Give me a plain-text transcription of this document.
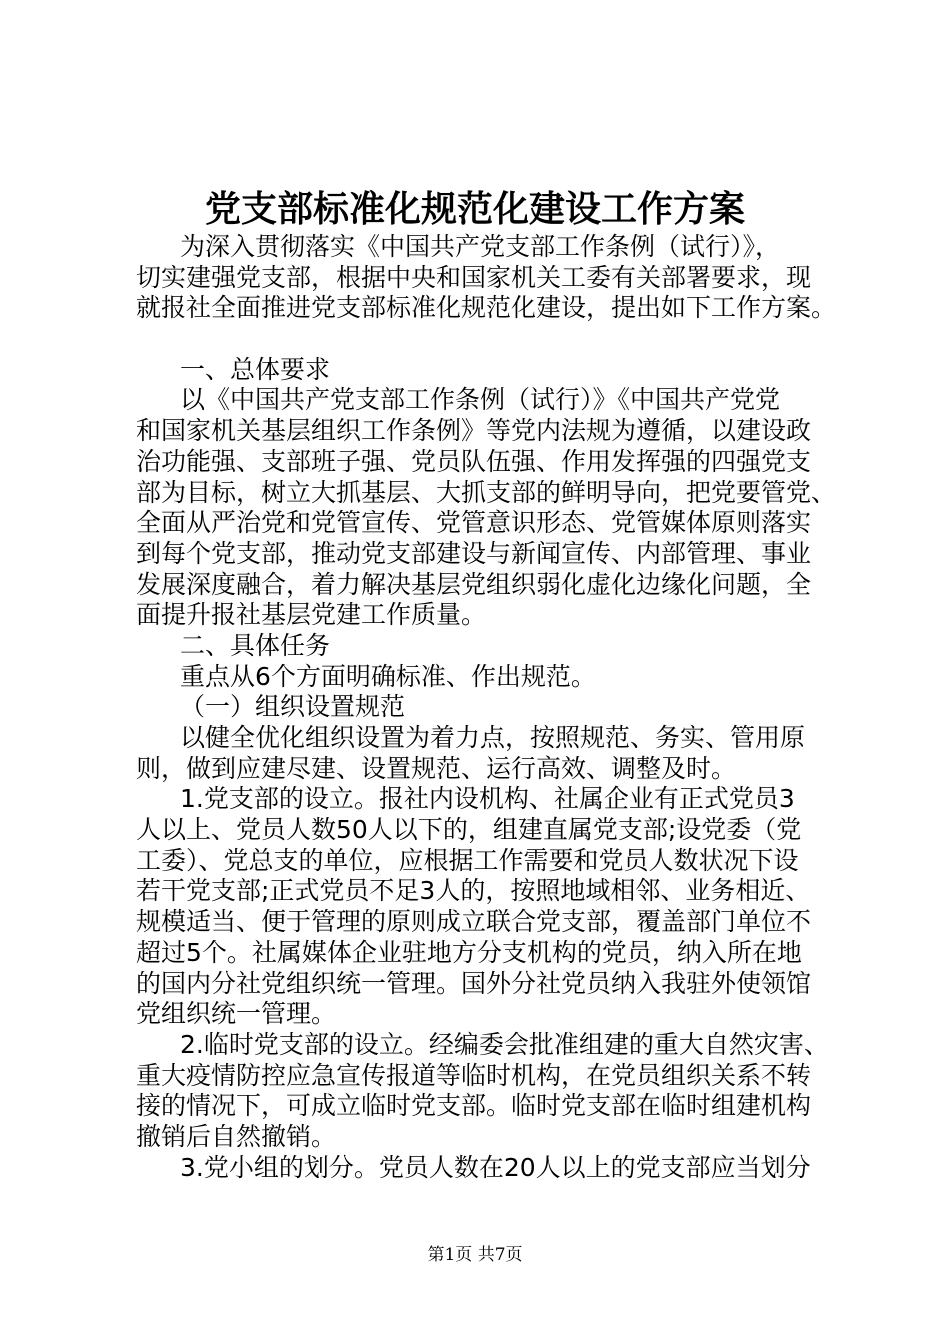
党支部标准化规范化建设工作方案
为深入贯彻落实《中国共产党支部工作条例（试行）》，
切实建强党支部，根据中央和国家机关工委有关部署要求，现
就报社全面推进党支部标准化规范化建设，提出如下工作方案。
一、总体要求
以《中国共产党支部工作条例（试行）》《中国共产党党
和国家机关基层组织工作条例》等党内法规为遵循，以建设政
治功能强、支部班子强、党员队伍强、作用发挥强的四强党支
部为目标，树立大抓基层、大抓支部的鲜明导向，把党要管党、
全面从严治党和党管宣传、党管意识形态、党管媒体原则落实
到每个党支部，推动党支部建设与新闻宣传、内部管理、事业
发展深度融合，着力解决基层党组织弱化虚化边缘化问题，全
面提升报社基层党建工作质量。
二、具体任务
重点从6个方面明确标准、作出规范。
（一）组织设置规范
以健全优化组织设置为着力点，按照规范、务实、管用原
则，做到应建尽建、设置规范、运行高效、调整及时。
1.党支部的设立。报社内设机构、社属企业有正式党员3
人以上、党员人数50人以下的，组建直属党支部;设党委（党
工委）、党总支的单位，应根据工作需要和党员人数状况下设
若干党支部;正式党员不足3人的，按照地域相邻、业务相近、
规模适当、便于管理的原则成立联合党支部，覆盖部门单位不
超过5个。社属媒体企业驻地方分支机构的党员，纳入所在地
的国内分社党组织统一管理。国外分社党员纳入我驻外使领馆
党组织统一管理。
2.临时党支部的设立。经编委会批准组建的重大自然灾害、
重大疫情防控应急宣传报道等临时机构，在党员组织关系不转
接的情况下，可成立临时党支部。临时党支部在临时组建机构
撤销后自然撤销。
3.党小组的划分。党员人数在20人以上的党支部应当划分
第1页 共7页
